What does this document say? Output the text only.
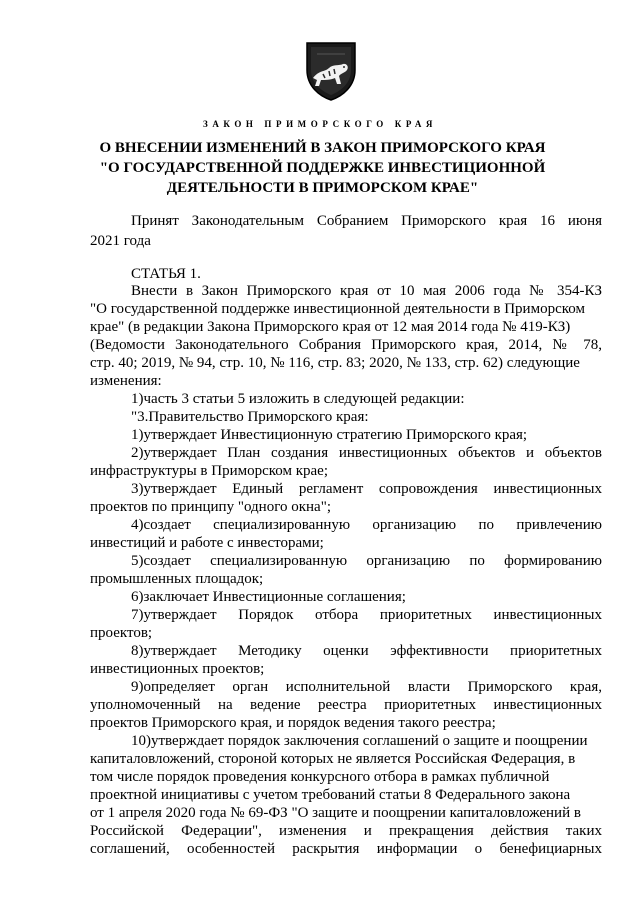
ЗАКОН ПРИМОРСКОГО КРАЯ
О ВНЕСЕНИИ ИЗМЕНЕНИЙ В ЗАКОН ПРИМОРСКОГО КРАЯ
"О ГОСУДАРСТВЕННОЙ ПОДДЕРЖКЕ ИНВЕСТИЦИОННОЙ
ДЕЯТЕЛЬНОСТИ В ПРИМОРСКОМ КРАЕ"
Принят Законодательным Собранием Приморского края 16 июня
2021 года
СТАТЬЯ 1.
Внести в Закон Приморского края от 10 мая 2006 года № 354-КЗ
"О государственной поддержке инвестиционной деятельности в Приморском
крае" (в редакции Закона Приморского края от 12 мая 2014 года № 419-КЗ)
(Ведомости Законодательного Собрания Приморского края, 2014, № 78,
стр. 40; 2019, № 94, стр. 10, № 116, стр. 83; 2020, № 133, стр. 62) следующие
изменения:
1)часть 3 статьи 5 изложить в следующей редакции:
"3.Правительство Приморского края:
1)утверждает Инвестиционную стратегию Приморского края;
2)утверждает План создания инвестиционных объектов и объектов
инфраструктуры в Приморском крае;
3)утверждает Единый регламент сопровождения инвестиционных
проектов по принципу "одного окна";
4)создает специализированную организацию по привлечению
инвестиций и работе с инвесторами;
5)создает специализированную организацию по формированию
промышленных площадок;
6)заключает Инвестиционные соглашения;
7)утверждает Порядок отбора приоритетных инвестиционных
проектов;
8)утверждает Методику оценки эффективности приоритетных
инвестиционных проектов;
9)определяет орган исполнительной власти Приморского края,
уполномоченный на ведение реестра приоритетных инвестиционных
проектов Приморского края, и порядок ведения такого реестра;
10)утверждает порядок заключения соглашений о защите и поощрении
капиталовложений, стороной которых не является Российская Федерация, в
том числе порядок проведения конкурсного отбора в рамках публичной
проектной инициативы с учетом требований статьи 8 Федерального закона
от 1 апреля 2020 года № 69-ФЗ "О защите и поощрении капиталовложений в
Российской Федерации", изменения и прекращения действия таких
соглашений, особенностей раскрытия информации о бенефициарных
